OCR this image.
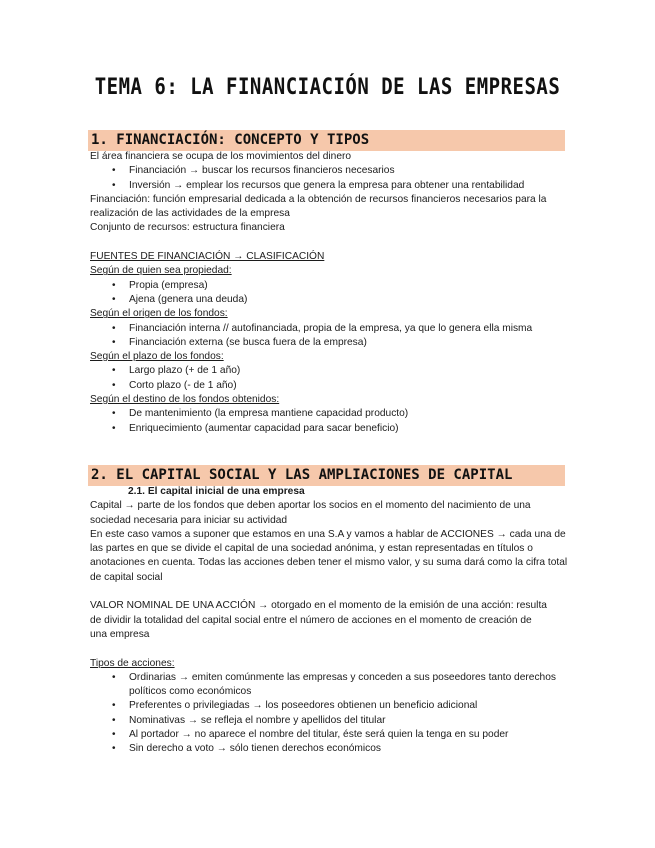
TEMA 6: LA FINANCIACIÓN DE LAS EMPRESAS
1. FINANCIACIÓN: CONCEPTO Y TIPOS
El área financiera se ocupa de los movimientos del dinero
• Financiación → buscar los recursos financieros necesarios
• Inversión → emplear los recursos que genera la empresa para obtener una rentabilidad
Financiación: función empresarial dedicada a la obtención de recursos financieros necesarios para la realización de las actividades de la empresa
Conjunto de recursos: estructura financiera
FUENTES DE FINANCIACIÓN → CLASIFICACIÓN
Según de quien sea propiedad:
• Propia (empresa)
• Ajena (genera una deuda)
Según el origen de los fondos:
• Financiación interna // autofinanciada, propia de la empresa, ya que lo genera ella misma
• Financiación externa (se busca fuera de la empresa)
Según el plazo de los fondos:
• Largo plazo (+ de 1 año)
• Corto plazo (- de 1 año)
Según el destino de los fondos obtenidos:
• De mantenimiento (la empresa mantiene capacidad producto)
• Enriquecimiento (aumentar capacidad para sacar beneficio)
2. EL CAPITAL SOCIAL Y LAS AMPLIACIONES DE CAPITAL
2.1. El capital inicial de una empresa
Capital → parte de los fondos que deben aportar los socios en el momento del nacimiento de una sociedad necesaria para iniciar su actividad
En este caso vamos a suponer que estamos en una S.A y vamos a hablar de ACCIONES → cada una de las partes en que se divide el capital de una sociedad anónima, y estan representadas en títulos o anotaciones en cuenta. Todas las acciones deben tener el mismo valor, y su suma dará como la cifra total de capital social
VALOR NOMINAL DE UNA ACCIÓN → otorgado en el momento de la emisión de una acción: resulta de dividir la totalidad del capital social entre el número de acciones en el momento de creación de una empresa
Tipos de acciones:
• Ordinarias → emiten comúnmente las empresas y conceden a sus poseedores tanto derechos políticos como económicos
• Preferentes o privilegiadas → los poseedores obtienen un beneficio adicional
• Nominativas → se refleja el nombre y apellidos del titular
• Al portador → no aparece el nombre del titular, éste será quien la tenga en su poder
• Sin derecho a voto → sólo tienen derechos económicos
